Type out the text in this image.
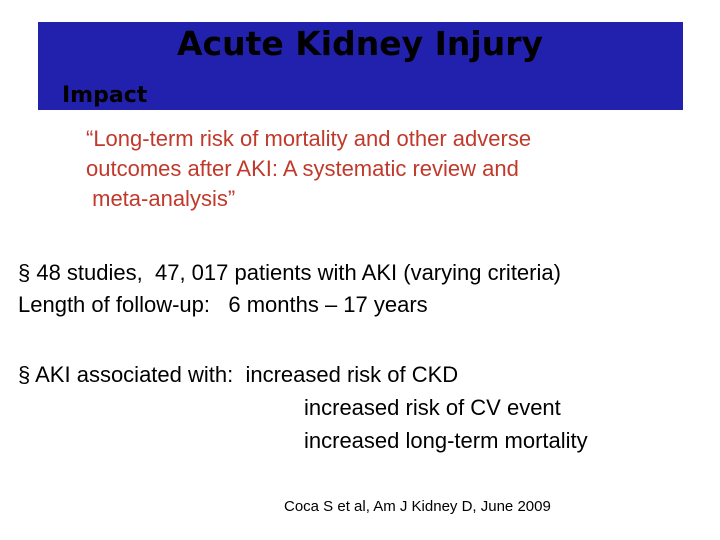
Acute Kidney Injury
Impact
“Long-term risk of mortality and other adverse
outcomes after AKI: A systematic review and
meta-analysis”
§ 48 studies,  47, 017 patients with AKI (varying criteria)
Length of follow-up:   6 months – 17 years
§ AKI associated with:  increased risk of CKD
increased risk of CV event
increased long-term mortality
Coca S et al, Am J Kidney D, June 2009
